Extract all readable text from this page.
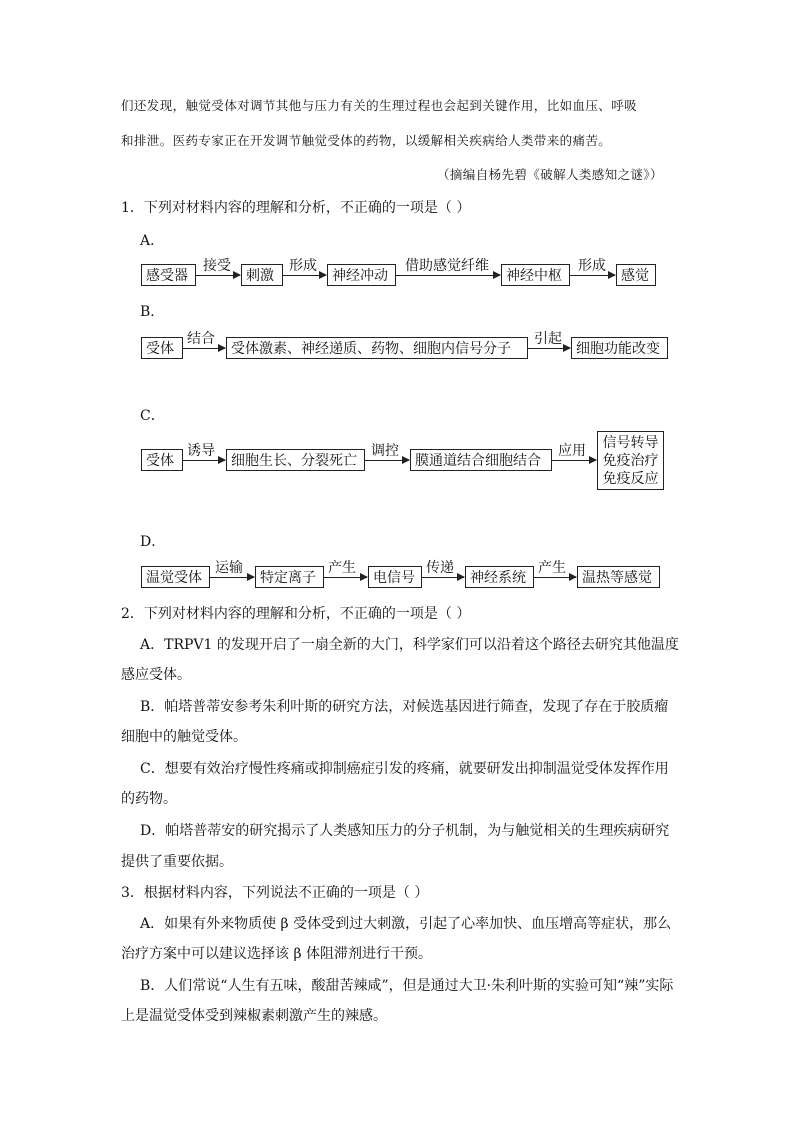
们还发现，触觉受体对调节其他与压力有关的生理过程也会起到关键作用，比如血压、呼吸
和排泄。医药专家正在开发调节触觉受体的药物，以缓解相关疾病给人类带来的痛苦。
（摘编自杨先碧《破解人类感知之谜》）
1．下列对材料内容的理解和分析，不正确的一项是（ ）
A．
感受器
接受
刺激
形成
神经冲动
借助感觉纤维
神经中枢
形成
感觉
B．
受体
结合
受体激素、神经递质、药物、细胞内信号分子
引起
细胞功能改变
C．
受体
诱导
细胞生长、分裂死亡
调控
膜通道结合细胞结合
应用 信号转导
免疫治疗
免疫反应
D．
温觉受体
运输
特定离子
产生
电信号
传递
神经系统
产生
温热等感觉
2．下列对材料内容的理解和分析，不正确的一项是（ ）
A．TRPV1 的发现开启了一扇全新的大门，科学家们可以沿着这个路径去研究其他温度
感应受体。
B．帕塔普蒂安参考朱利叶斯的研究方法，对候选基因进行筛查，发现了存在于胶质瘤
细胞中的触觉受体。
C．想要有效治疗慢性疼痛或抑制癌症引发的疼痛，就要研发出抑制温觉受体发挥作用
的药物。
D．帕塔普蒂安的研究揭示了人类感知压力的分子机制，为与触觉相关的生理疾病研究
提供了重要依据。
3．根据材料内容，下列说法不正确的一项是（ ）
A．如果有外来物质使 β 受体受到过大刺激，引起了心率加快、血压增高等症状，那么
治疗方案中可以建议选择该 β 体阻滞剂进行干预。
B．人们常说“人生有五味，酸甜苦辣咸”，但是通过大卫·朱利叶斯的实验可知“辣”实际
上是温觉受体受到辣椒素刺激产生的辣感。
